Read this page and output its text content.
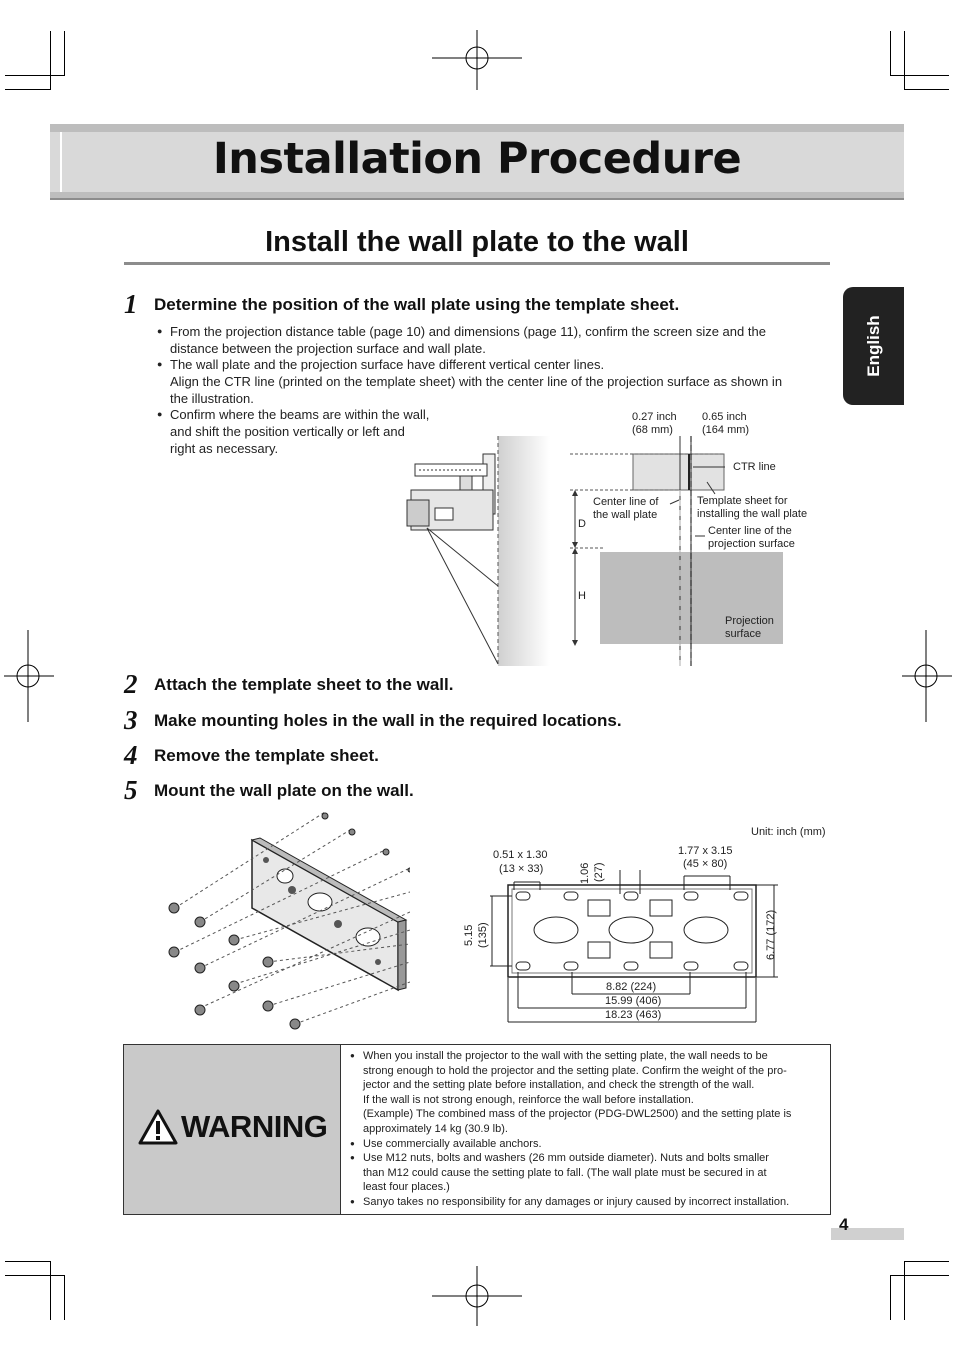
Installation Procedure
Install the wall plate to the wall
English
1 Determine the position of the wall plate using the template sheet.
● From the projection distance table (page 10) and dimensions (page 11), confirm the screen size and the
distance between the projection surface and wall plate.
● The wall plate and the projection surface have different vertical center lines.
Align the CTR line (printed on the template sheet) with the center line of the projection surface as shown in
the illustration.
● Confirm where the beams are within the wall,
and shift the position vertically or left and
right as necessary.
0.27 inch
(68 mm)
0.65 inch
(164 mm)
CTR line
Center line of
the wall plate
Template sheet for
installing the wall plate
Center line of the
projection surface
D
H
Projection
surface
2 Attach the template sheet to the wall.
3 Make mounting holes in the wall in the required locations.
4 Remove the template sheet.
5 Mount the wall plate on the wall.
Unit: inch (mm)
0.51 x 1.30
(13 × 33)
1.77 x 3.15
(45 × 80)
1.06 (27)
5.15 (135)	6.77 (172)
8.82 (224)
15.99 (406)
18.23 (463)
WARNING
● When you install the projector to the wall with the setting plate, the wall needs to be
strong enough to hold the projector and the setting plate. Confirm the weight of the pro-
jector and the setting plate before installation, and check the strength of the wall.
If the wall is not strong enough, reinforce the wall before installation.
(Example) The combined mass of the projector (PDG-DWL2500) and the setting plate is
approximately 14 kg (30.9 lb).
● Use commercially available anchors.
● Use M12 nuts, bolts and washers (26 mm outside diameter). Nuts and bolts smaller
than M12 could cause the setting plate to fall. (The wall plate must be secured in at
least four places.)
● Sanyo takes no responsibility for any damages or injury caused by incorrect installation.
4
